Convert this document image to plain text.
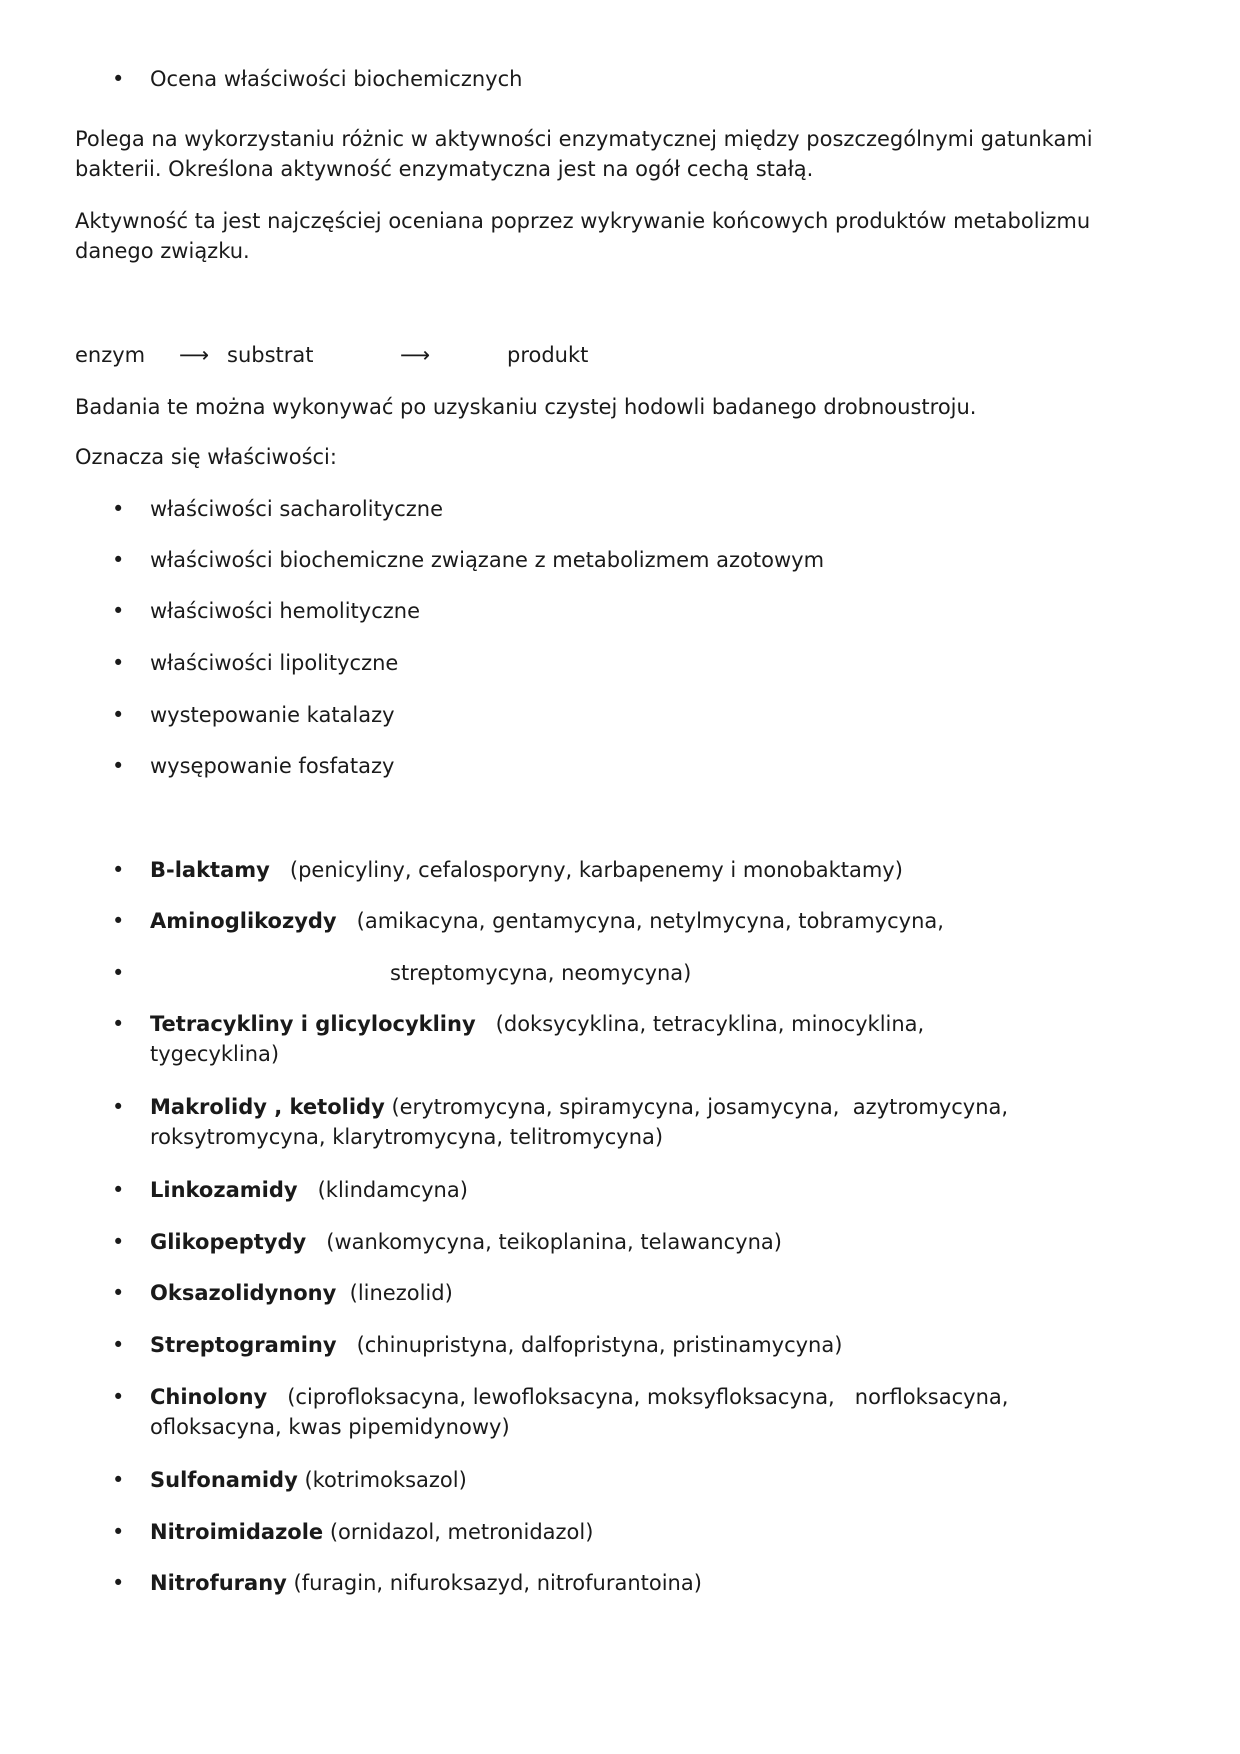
• Ocena właściwości biochemicznych
Polega na wykorzystaniu różnic w aktywności enzymatycznej między poszczególnymi gatunkami bakterii. Określona aktywność enzymatyczna jest na ogół cechą stałą.
Aktywność ta jest najczęściej oceniana poprzez wykrywanie końcowych produktów metabolizmu danego związku.
enzym ⟶ substrat	⟶	produkt
Badania te można wykonywać po uzyskaniu czystej hodowli badanego drobnoustroju.
Oznacza się właściwości:
• właściwości sacharolityczne
• właściwości biochemiczne związane z metabolizmem azotowym
• właściwości hemolityczne
• właściwości lipolityczne
• wystepowanie katalazy
• wysępowanie fosfatazy
• B-laktamy   (penicyliny, cefalosporyny, karbapenemy i monobaktamy)
• Aminoglikozydy   (amikacyna, gentamycyna, netylmycyna, tobramycyna,
•	streptomycyna, neomycyna)
• Tetracykliny i glicylocykliny   (doksycyklina, tetracyklina, minocyklina, tygecyklina)
• Makrolidy , ketolidy (erytromycyna, spiramycyna, josamycyna,  azytromycyna, roksytromycyna, klarytromycyna, telitromycyna)
• Linkozamidy   (klindamcyna)
• Glikopeptydy   (wankomycyna, teikoplanina, telawancyna)
• Oksazolidynony  (linezolid)
• Streptograminy   (chinupristyna, dalfopristyna, pristinamycyna)
• Chinolony   (ciprofloksacyna, lewofloksacyna, moksyfloksacyna,   norfloksacyna, ofloksacyna, kwas pipemidynowy)
• Sulfonamidy (kotrimoksazol)
• Nitroimidazole (ornidazol, metronidazol)
• Nitrofurany (furagin, nifuroksazyd, nitrofurantoina)
